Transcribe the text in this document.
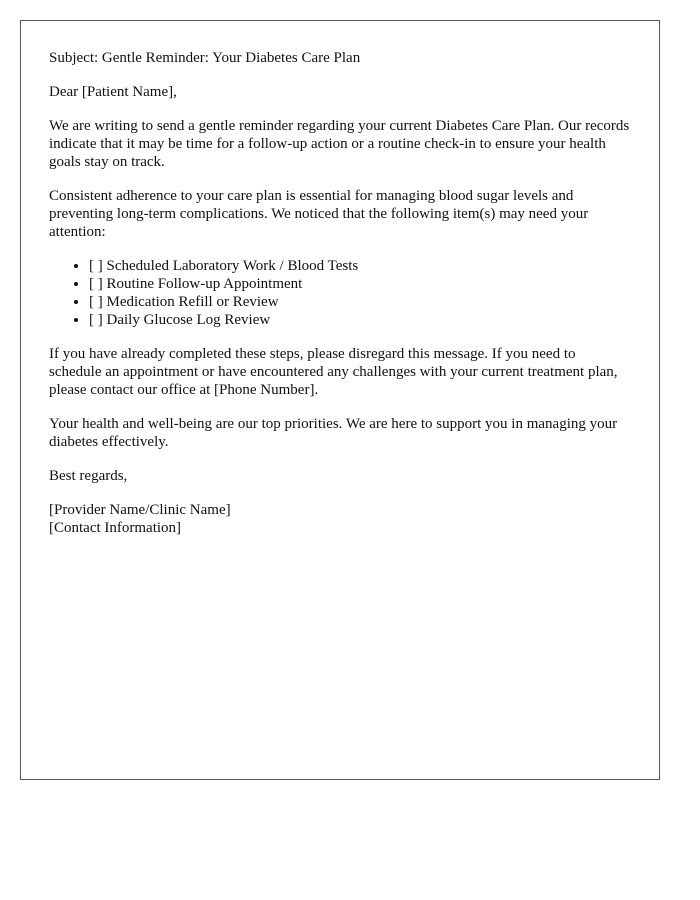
Subject: Gentle Reminder: Your Diabetes Care Plan

Dear [Patient Name],

We are writing to send a gentle reminder regarding your current Diabetes Care Plan. Our records indicate that it may be time for a follow-up action or a routine check-in to ensure your health goals stay on track.

Consistent adherence to your care plan is essential for managing blood sugar levels and preventing long-term complications. We noticed that the following item(s) may need your attention:

• [ ] Scheduled Laboratory Work / Blood Tests
• [ ] Routine Follow-up Appointment
• [ ] Medication Refill or Review
• [ ] Daily Glucose Log Review

If you have already completed these steps, please disregard this message. If you need to schedule an appointment or have encountered any challenges with your current treatment plan, please contact our office at [Phone Number].

Your health and well-being are our top priorities. We are here to support you in managing your diabetes effectively.

Best regards,

[Provider Name/Clinic Name]
[Contact Information]
